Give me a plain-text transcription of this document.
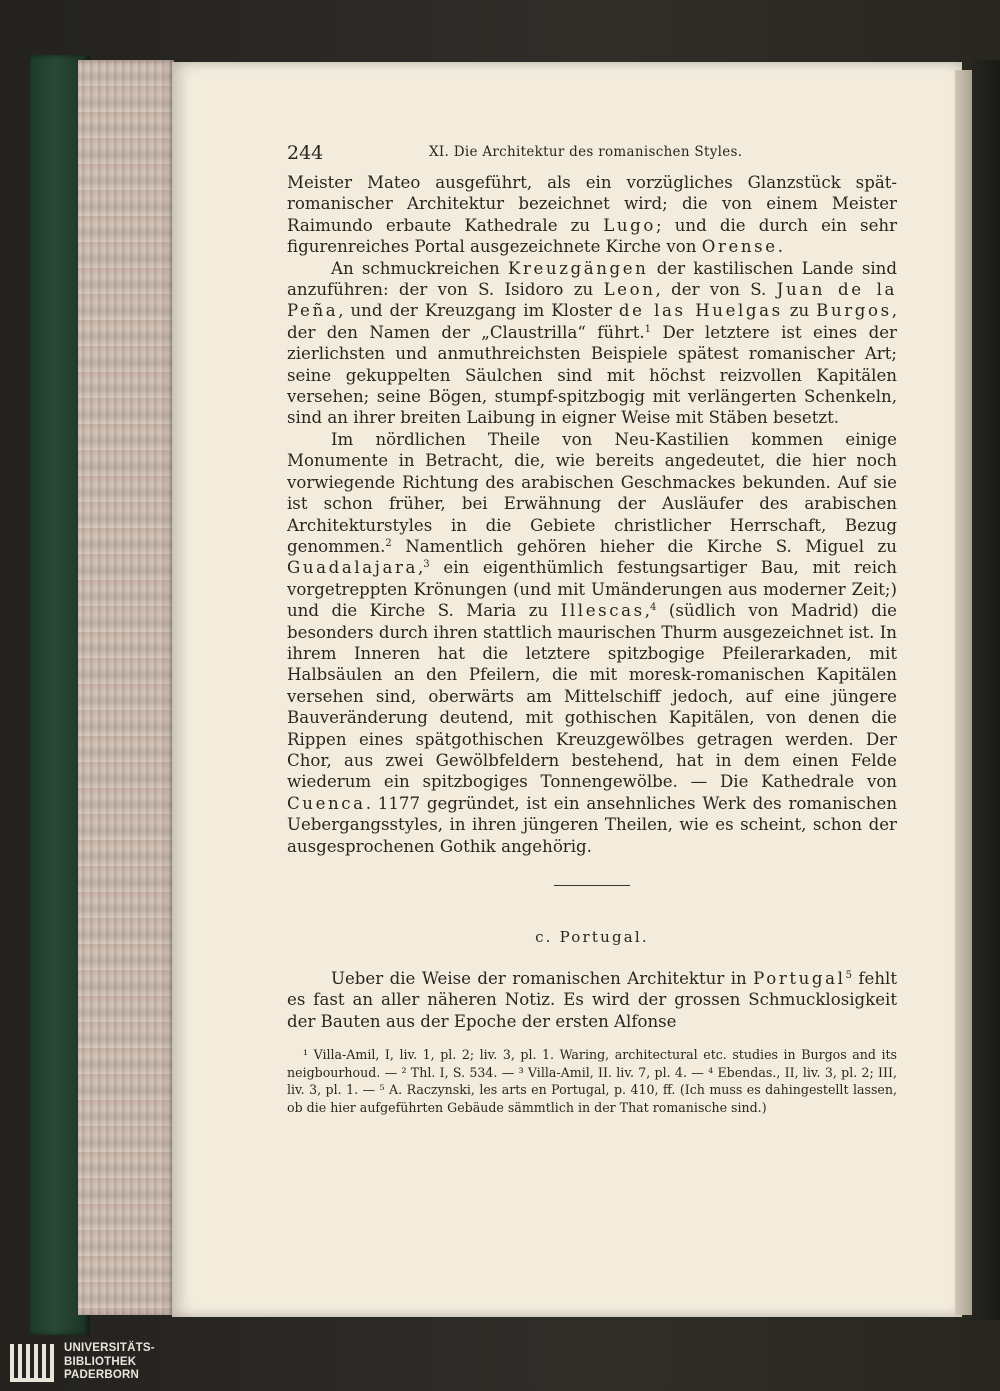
244	XI. Die Architektur des romanischen Styles.

Meister Mateo ausgeführt, als ein vorzügliches Glanzstück spät-romanischer Architektur bezeichnet wird; die von einem Meister Raimundo erbaute Kathedrale zu Lugo; und die durch ein sehr figurenreiches Portal ausgezeichnete Kirche von Orense.

An schmuckreichen Kreuzgängen der kastilischen Lande sind anzuführen: der von S. Isidoro zu Leon, der von S. Juan de la Peña, und der Kreuzgang im Kloster de las Huelgas zu Burgos, der den Namen der „Claustrilla“ führt.$^1$ Der letztere ist eines der zierlichsten und anmuthreichsten Beispiele spätest romanischer Art; seine gekuppelten Säulchen sind mit höchst reizvollen Kapitälen versehen; seine Bögen, stumpf-spitzbogig mit verlängerten Schenkeln, sind an ihrer breiten Laibung in eigner Weise mit Stäben besetzt.

Im nördlichen Theile von Neu-Kastilien kommen einige Monumente in Betracht, die, wie bereits angedeutet, die hier noch vorwiegende Richtung des arabischen Geschmackes bekunden. Auf sie ist schon früher, bei Erwähnung der Ausläufer des arabischen Architekturstyles in die Gebiete christlicher Herrschaft, Bezug genommen.$^2$ Namentlich gehören hieher die Kirche S. Miguel zu Guadalajara,$^3$ ein eigenthümlich festungsartiger Bau, mit reich vorgetreppten Krönungen (und mit Umänderungen aus moderner Zeit;) und die Kirche S. Maria zu Illescas,$^4$ (südlich von Madrid) die besonders durch ihren stattlich maurischen Thurm ausgezeichnet ist. In ihrem Inneren hat die letztere spitzbogige Pfeilerarkaden, mit Halbsäulen an den Pfeilern, die mit moresk-romanischen Kapitälen versehen sind, oberwärts am Mittelschiff jedoch, auf eine jüngere Bauveränderung deutend, mit gothischen Kapitälen, von denen die Rippen eines spätgothischen Kreuzgewölbes getragen werden. Der Chor, aus zwei Gewölbfeldern bestehend, hat in dem einen Felde wiederum ein spitzbogiges Tonnengewölbe. — Die Kathedrale von Cuenca. 1177 gegründet, ist ein ansehnliches Werk des romanischen Uebergangsstyles, in ihren jüngeren Theilen, wie es scheint, schon der ausgesprochenen Gothik angehörig.

c. Portugal.

Ueber die Weise der romanischen Architektur in Portugal$^5$ fehlt es fast an aller näheren Notiz. Es wird der grossen Schmucklosigkeit der Bauten aus der Epoche der ersten Alfonse

¹ Villa-Amil, I, liv. 1, pl. 2; liv. 3, pl. 1. Waring, architectural etc. studies in Burgos and its neigbourhoud. — ² Thl. I, S. 534. — ³ Villa-Amil, II. liv. 7, pl. 4. — ⁴ Ebendas., II, liv. 3, pl. 2; III, liv. 3, pl. 1. — ⁵ A. Raczynski, les arts en Portugal, p. 410, ff. (Ich muss es dahingestellt lassen, ob die hier aufgeführten Gebäude sämmtlich in der That romanische sind.)

UNIVERSITÄTS-
BIBLIOTHEK
PADERBORN
